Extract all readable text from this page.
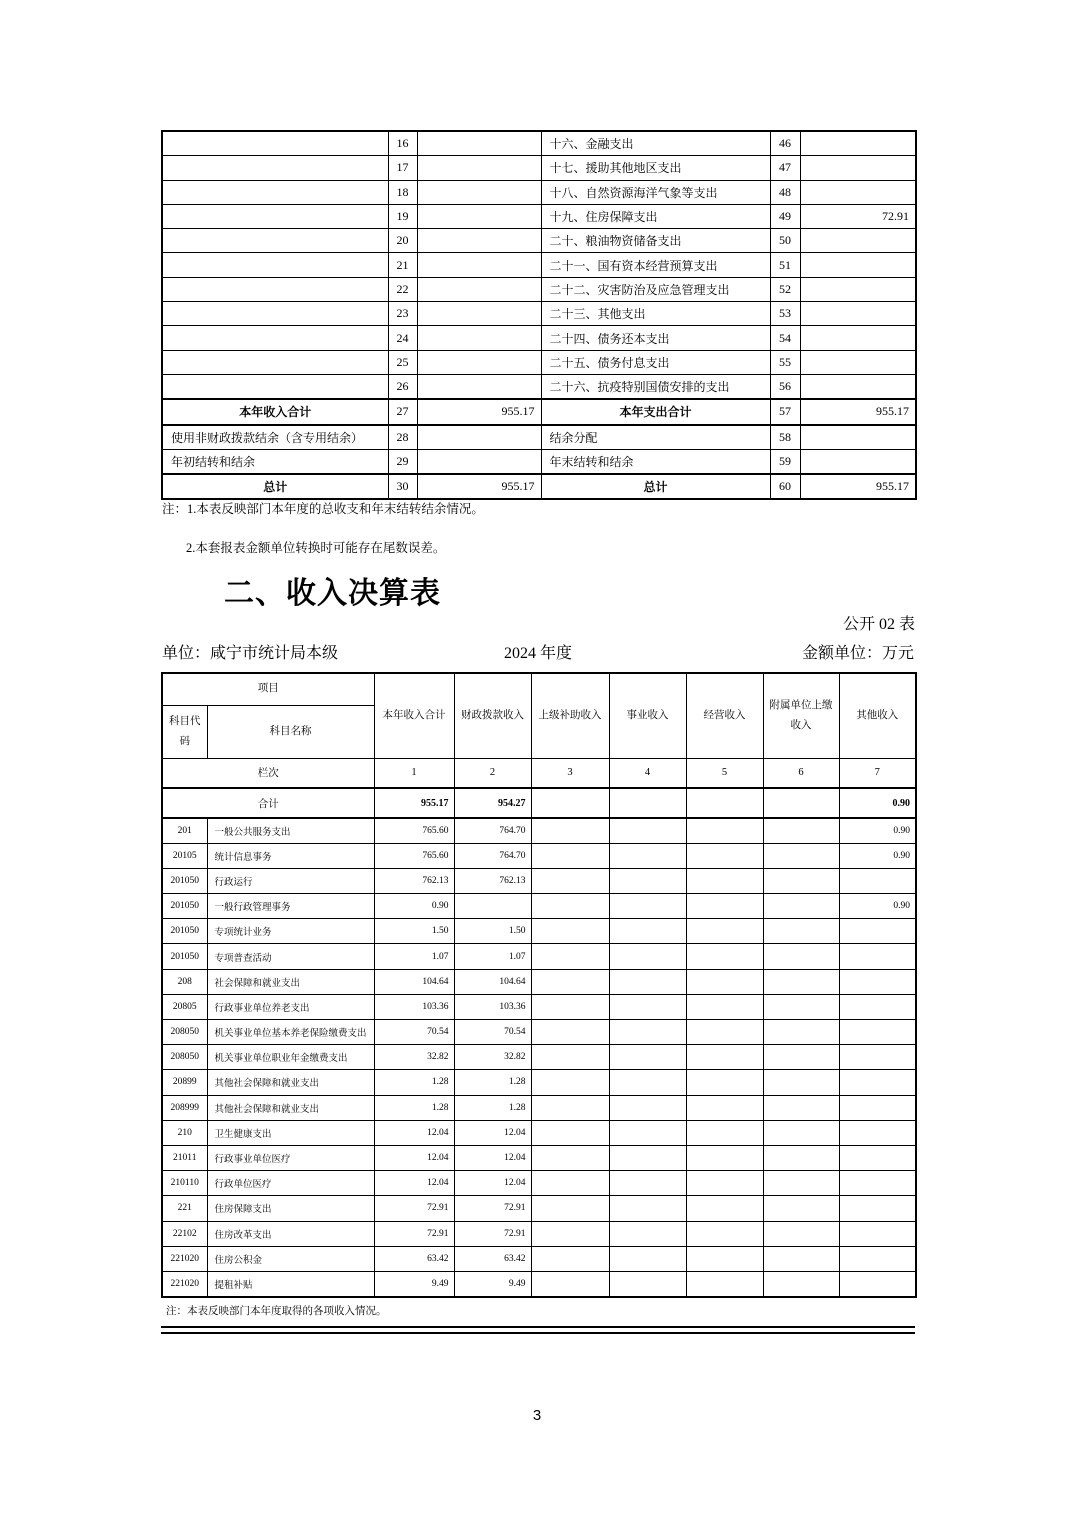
	16		十六、金融支出	46	
	17		十七、援助其他地区支出	47	
	18		十八、自然资源海洋气象等支出	48	
	19		十九、住房保障支出	49	72.91
	20		二十、粮油物资储备支出	50	
	21		二十一、国有资本经营预算支出	51	
	22		二十二、灾害防治及应急管理支出	52	
	23		二十三、其他支出	53	
	24		二十四、债务还本支出	54	
	25		二十五、债务付息支出	55	
	26		二十六、抗疫特别国债安排的支出	56	
本年收入合计	27	955.17	本年支出合计	57	955.17
使用非财政拨款结余（含专用结余）	28		结余分配	58	
年初结转和结余	29		年末结转和结余	59	
总计	30	955.17	总计	60	955.17
注：1.本表反映部门本年度的总收支和年末结转结余情况。
2.本套报表金额单位转换时可能存在尾数误差。
二、收入决算表
公开 02 表
单位：咸宁市统计局本级	2024 年度	金额单位：万元
项目		本年收入合计	财政拨款收入	上级补助收入	事业收入	经营收入	附属单位上缴收入	其他收入
科目代码	科目名称							
栏次		1	2	3	4	5	6	7
合计		955.17	954.27					0.90
201	一般公共服务支出	765.60	764.70					0.90
20105	统计信息事务	765.60	764.70					0.90
201050	行政运行	762.13	762.13					
201050	一般行政管理事务	0.90						0.90
201050	专项统计业务	1.50	1.50					
201050	专项普查活动	1.07	1.07					
208	社会保障和就业支出	104.64	104.64					
20805	行政事业单位养老支出	103.36	103.36					
208050	机关事业单位基本养老保险缴费支出	70.54	70.54					
208050	机关事业单位职业年金缴费支出	32.82	32.82					
20899	其他社会保障和就业支出	1.28	1.28					
208999	其他社会保障和就业支出	1.28	1.28					
210	卫生健康支出	12.04	12.04					
21011	行政事业单位医疗	12.04	12.04					
210110	行政单位医疗	12.04	12.04					
221	住房保障支出	72.91	72.91					
22102	住房改革支出	72.91	72.91					
221020	住房公积金	63.42	63.42					
221020	提租补贴	9.49	9.49					
注：本表反映部门本年度取得的各项收入情况。
3
